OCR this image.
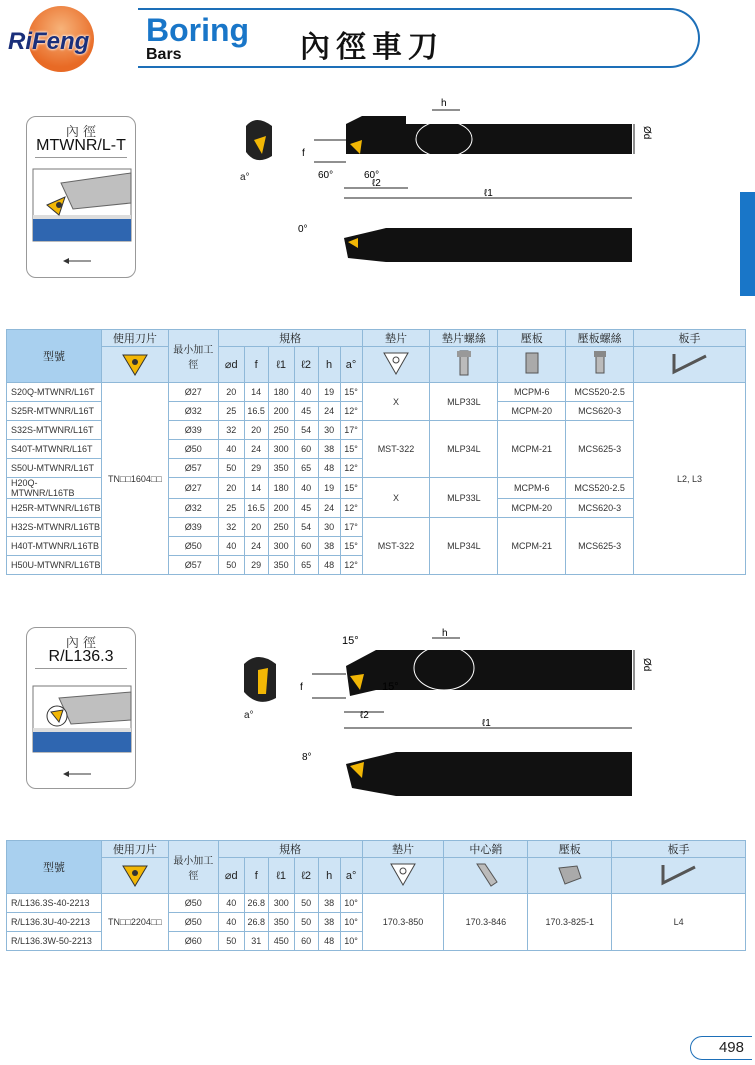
RiFeng	Boring
Bars	內徑車刀
內 徑
MTWNR/L-T
a°
h
Ød
f
60°	60°
ℓ2
ℓ1
0°
型號	使用刀片	最小加工徑	規格						墊片	墊片螺絲	壓板	壓板螺絲	板手
	⌀d	f	ℓ1	ℓ2	h	a°					
S20Q-MTWNR/L16T	TN□□1604□□	Ø27	20	14	180	40	19	15°	X	MLP33L	MCPM-6	MCS520-2.5	L2, L3
S25R-MTWNR/L16T		Ø32	25	16.5	200	45	24	12°			MCPM-20	MCS620-3	
S32S-MTWNR/L16T		Ø39	32	20	250	54	30	17°	MST-322	MLP34L	MCPM-21	MCS625-3	
S40T-MTWNR/L16T		Ø50	40	24	300	60	38	15°					
S50U-MTWNR/L16T		Ø57	50	29	350	65	48	12°					
H20Q-MTWNR/L16TB		Ø27	20	14	180	40	19	15°	X	MLP33L	MCPM-6	MCS520-2.5	
H25R-MTWNR/L16TB		Ø32	25	16.5	200	45	24	12°			MCPM-20	MCS620-3	
H32S-MTWNR/L16TB		Ø39	32	20	250	54	30	17°	MST-322	MLP34L	MCPM-21	MCS625-3	
H40T-MTWNR/L16TB		Ø50	40	24	300	60	38	15°					
H50U-MTWNR/L16TB		Ø57	50	29	350	65	48	12°					
內 徑
R/L136.3
a°
h
Ød
15°
15°
f
ℓ2
ℓ1
8°
型號	使用刀片	最小加工徑	規格						墊片	中心銷	壓板	板手
	⌀d	f	ℓ1	ℓ2	h	a°				
R/L136.3S-40-2213	TN□□2204□□	Ø50	40	26.8	300	50	38	10°	170.3-850	170.3-846	170.3-825-1	L4
R/L136.3U-40-2213		Ø50	40	26.8	350	50	38	10°				
R/L136.3W-50-2213		Ø60	50	31	450	60	48	10°				
498
